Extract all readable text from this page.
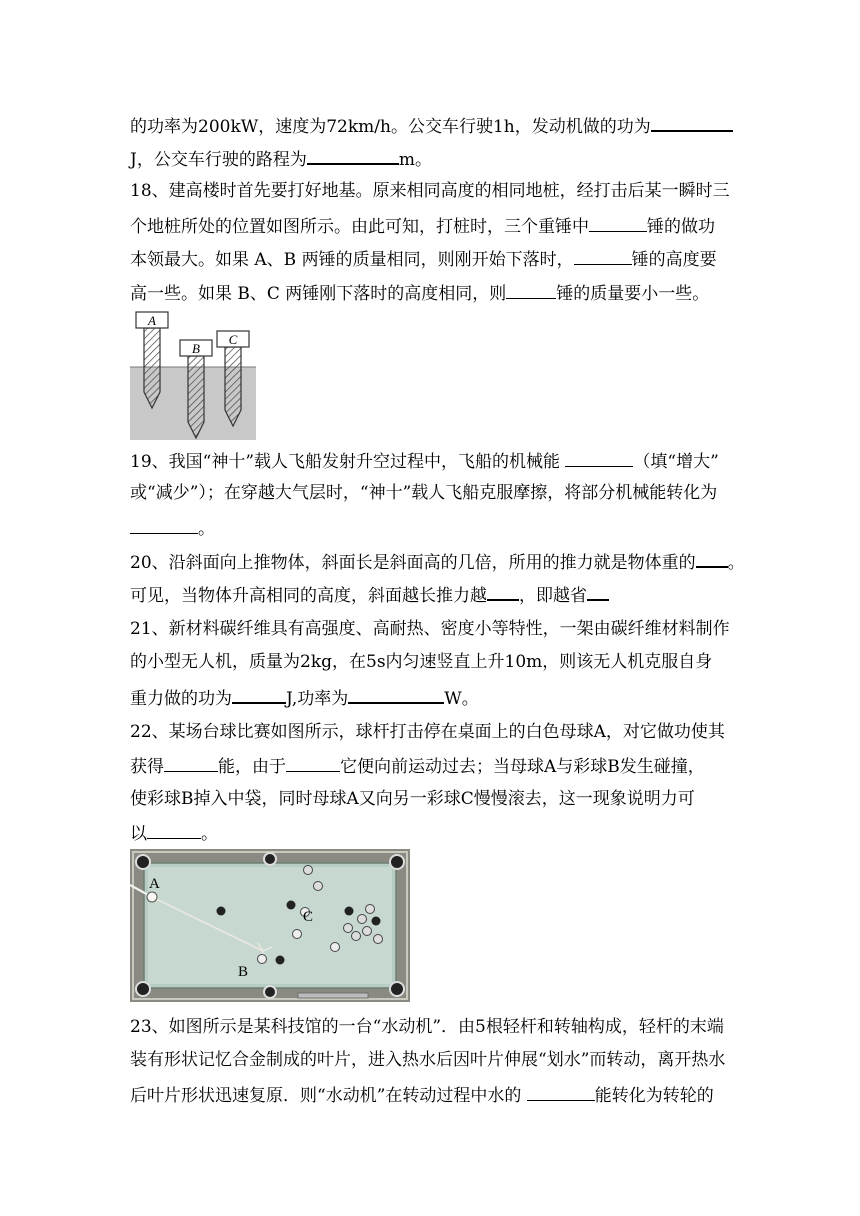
的功率为200kW，速度为72km/h。公交车行驶1h，发动机做的功为
J，公交车行驶的路程为	m。
18、建高楼时首先要打好地基。原来相同高度的相同地桩，经打击后某一瞬时三
个地桩所处的位置如图所示。由此可知，打桩时，三个重锤中	锤的做功
本领最大。如果 A、B 两锤的质量相同，则刚开始下落时，	锤的高度要
高一些。如果 B、C 两锤刚下落时的高度相同，则	锤的质量要小一些。
A
B
C
19、我国“神十”载人飞船发射升空过程中，飞船的机械能	（填“增大”
或“减少”）；在穿越大气层时，“神十”载人飞船克服摩擦，将部分机械能转化为
。
20、沿斜面向上推物体，斜面长是斜面高的几倍，所用的推力就是物体重的 。
可见，当物体升高相同的高度，斜面越长推力越 ，即越省
21、新材料碳纤维具有高强度、高耐热、密度小等特性，一架由碳纤维材料制作
的小型无人机，质量为2kg，在5s内匀速竖直上升10m，则该无人机克服自身
重力做的功为	J,功率为	W。
22、某场台球比赛如图所示，球杆打击停在桌面上的白色母球A，对它做功使其
获得	能，由于	它便向前运动过去；当母球A与彩球B发生碰撞，
使彩球B掉入中袋，同时母球A又向另一彩球C慢慢滚去，这一现象说明力可
以	。
A
B
C
23、如图所示是某科技馆的一台“水动机”．由5根轻杆和转轴构成，轻杆的末端
装有形状记忆合金制成的叶片，进入热水后因叶片伸展“划水”而转动，离开热水
后叶片形状迅速复原．则“水动机”在转动过程中水的	能转化为转轮的
